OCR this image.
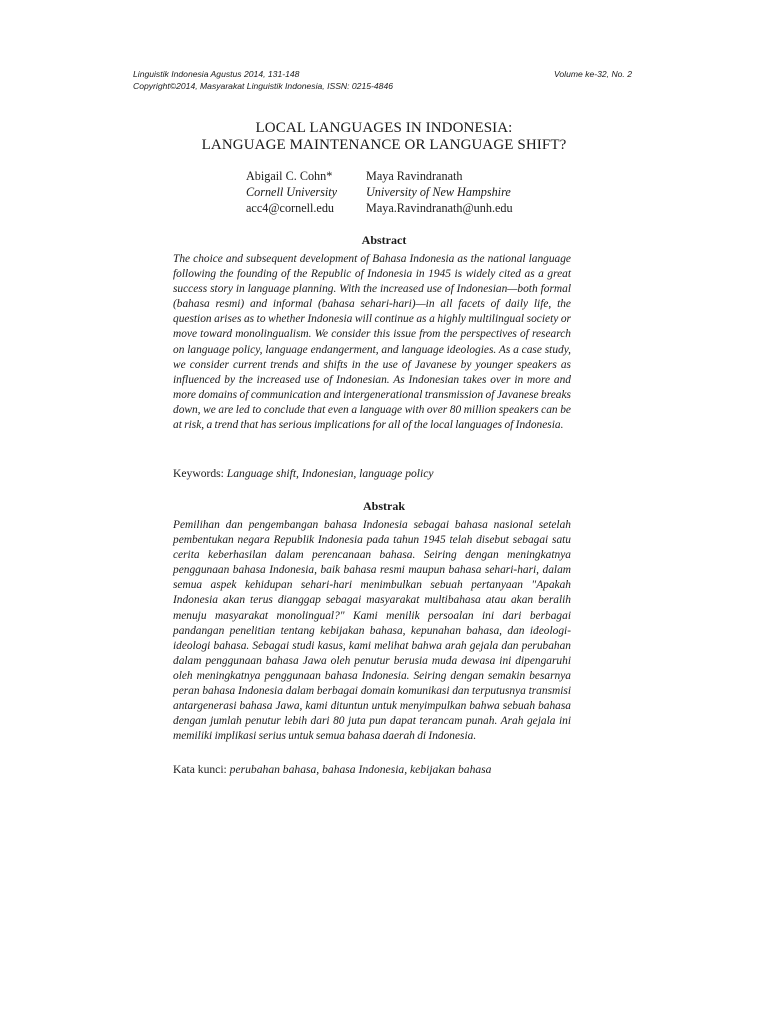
Linguistik Indonesia Agustus 2014, 131-148	Volume ke-32, No. 2
Copyright©2014, Masyarakat Linguistik Indonesia, ISSN: 0215-4846
LOCAL LANGUAGES IN INDONESIA:
LANGUAGE MAINTENANCE OR LANGUAGE SHIFT?
Abigail C. Cohn*
Cornell University
acc4@cornell.edu
Maya Ravindranath
University of New Hampshire
Maya.Ravindranath@unh.edu
Abstract

The choice and subsequent development of Bahasa Indonesia as the national language following the founding of the Republic of Indonesia in 1945 is widely cited as a great success story in language planning. With the increased use of Indonesian—both formal (bahasa resmi) and informal (bahasa sehari-hari)—in all facets of daily life, the question arises as to whether Indonesia will continue as a highly multilingual society or move toward monolingualism. We consider this issue from the perspectives of research on language policy, language endangerment, and language ideologies. As a case study, we consider current trends and shifts in the use of Javanese by younger speakers as influenced by the increased use of Indonesian. As Indonesian takes over in more and more domains of communication and intergenerational transmission of Javanese breaks down, we are led to conclude that even a language with over 80 million speakers can be at risk, a trend that has serious implications for all of the local languages of Indonesia.

Keywords: Language shift, Indonesian, language policy
Abstrak

Pemilihan dan pengembangan bahasa Indonesia sebagai bahasa nasional setelah pembentukan negara Republik Indonesia pada tahun 1945 telah disebut sebagai satu cerita keberhasilan dalam perencanaan bahasa. Seiring dengan meningkatnya penggunaan bahasa Indonesia, baik bahasa resmi maupun bahasa sehari-hari, dalam semua aspek kehidupan sehari-hari menimbulkan sebuah pertanyaan "Apakah Indonesia akan terus dianggap sebagai masyarakat multibahasa atau akan beralih menuju masyarakat monolingual?" Kami menilik persoalan ini dari berbagai pandangan penelitian tentang kebijakan bahasa, kepunahan bahasa, dan ideologi-ideologi bahasa. Sebagai studi kasus, kami melihat bahwa arah gejala dan perubahan dalam penggunaan bahasa Jawa oleh penutur berusia muda dewasa ini dipengaruhi oleh meningkatnya penggunaan bahasa Indonesia. Seiring dengan semakin besarnya peran bahasa Indonesia dalam berbagai domain komunikasi dan terputusnya transmisi antargenerasi bahasa Jawa, kami dituntun untuk menyimpulkan bahwa sebuah bahasa dengan jumlah penutur lebih dari 80 juta pun dapat terancam punah. Arah gejala ini memiliki implikasi serius untuk semua bahasa daerah di Indonesia.

Kata kunci: perubahan bahasa, bahasa Indonesia, kebijakan bahasa
